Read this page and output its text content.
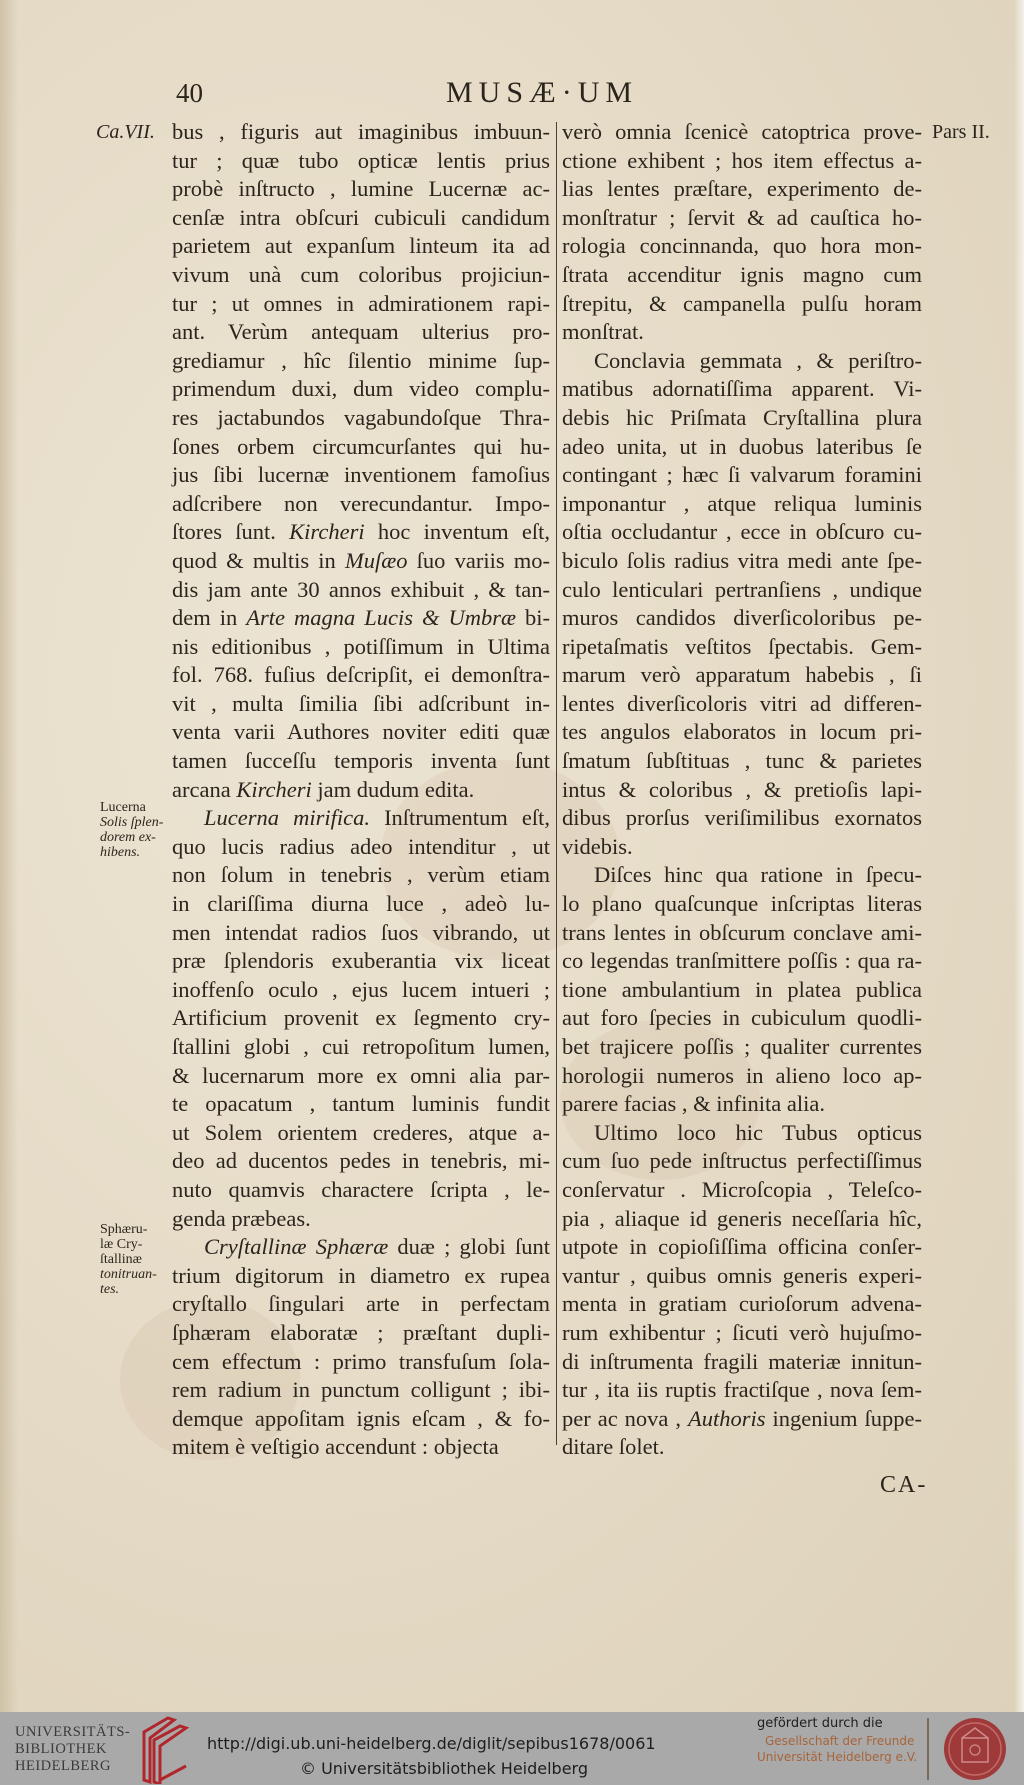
40	MUSÆ·UM
Ca.VII.	Pars II.
Lucerna
Solis ſplen-
dorem ex-
hibens.
Sphæru-
læ Cry-
ſtallinæ
tonitruan-
tes.
bus , figuris aut imaginibus imbuun-
tur ; quæ tubo opticæ lentis prius
probè inſtructo , lumine Lucernæ ac-
cenſæ intra obſcuri cubiculi candidum
parietem aut expanſum linteum ita ad
vivum unà cum coloribus projiciun-
tur ; ut omnes in admirationem rapi-
ant. Verùm antequam ulterius pro-
grediamur , hîc ſilentio minime ſup-
primendum duxi, dum video complu-
res jactabundos vagabundoſque Thra-
ſones orbem circumcurſantes qui hu-
jus ſibi lucernæ inventionem famoſius
adſcribere non verecundantur. Impo-
ſtores ſunt. Kircheri hoc inventum eſt,
quod & multis in Muſæo ſuo variis mo-
dis jam ante 30 annos exhibuit , & tan-
dem in Arte magna Lucis & Umbræ bi-
nis editionibus , potiſſimum in Ultima
fol. 768. fuſius deſcripſit, ei demonſtra-
vit , multa ſimilia ſibi adſcribunt in-
venta varii Authores noviter editi quæ
tamen ſucceſſu temporis inventa ſunt
arcana Kircheri jam dudum edita.
Lucerna mirifica. Inſtrumentum eſt,
quo lucis radius adeo intenditur , ut
non ſolum in tenebris , verùm etiam
in clariſſima diurna luce , adeò lu-
men intendat radios ſuos vibrando, ut
præ ſplendoris exuberantia vix liceat
inoffenſo oculo , ejus lucem intueri ;
Artificium provenit ex ſegmento cry-
ſtallini globi , cui retropoſitum lumen,
& lucernarum more ex omni alia par-
te opacatum , tantum luminis fundit
ut Solem orientem crederes, atque a-
deo ad ducentos pedes in tenebris, mi-
nuto quamvis charactere ſcripta , le-
genda præbeas.
Cryſtallinæ Sphæræ duæ ; globi ſunt
trium digitorum in diametro ex rupea
cryſtallo ſingulari arte in perfectam
ſphæram elaboratæ ; præſtant dupli-
cem effectum : primo transfuſum ſola-
rem radium in punctum colligunt ; ibi-
demque appoſitam ignis eſcam , & fo-
mitem è veſtigio accendunt : objecta
verò omnia ſcenicè catoptrica prove-
ctione exhibent ; hos item effectus a-
lias lentes præſtare, experimento de-
monſtratur ; ſervit & ad cauſtica ho-
rologia concinnanda, quo hora mon-
ſtrata accenditur ignis magno cum
ſtrepitu, & campanella pulſu horam
monſtrat.
Conclavia gemmata , & periſtro-
matibus adornatiſſima apparent. Vi-
debis hic Priſmata Cryſtallina plura
adeo unita, ut in duobus lateribus ſe
contingant ; hæc ſi valvarum foramini
imponantur , atque reliqua luminis
oſtia occludantur , ecce in obſcuro cu-
biculo ſolis radius vitra medi ante ſpe-
culo lenticulari pertranſiens , undique
muros candidos diverſicoloribus pe-
ripetaſmatis veſtitos ſpectabis. Gem-
marum verò apparatum habebis , ſi
lentes diverſicoloris vitri ad differen-
tes angulos elaboratos in locum pri-
ſmatum ſubſtituas , tunc & parietes
intus & coloribus , & pretioſis lapi-
dibus prorſus veriſimilibus exornatos
videbis.
Diſces hinc qua ratione in ſpecu-
lo plano quaſcunque inſcriptas literas
trans lentes in obſcurum conclave ami-
co legendas tranſmittere poſſis : qua ra-
tione ambulantium in platea publica
aut foro ſpecies in cubiculum quodli-
bet trajicere poſſis ; qualiter currentes
horologii numeros in alieno loco ap-
parere facias , & infinita alia.
Ultimo loco hic Tubus opticus
cum ſuo pede inſtructus perfectiſſimus
conſervatur . Microſcopia , Teleſco-
pia , aliaque id generis neceſſaria hîc,
utpote in copioſiſſima officina conſer-
vantur , quibus omnis generis experi-
menta in gratiam curioſorum advena-
rum exhibentur ; ſicuti verò hujuſmo-
di inſtrumenta fragili materiæ innitun-
tur , ita iis ruptis fractiſque , nova ſem-
per ac nova , Authoris ingenium ſuppe-
ditare ſolet.
CA-
UNIVERSITÄTS-
BIBLIOTHEK
HEIDELBERG
http://digi.ub.uni-heidelberg.de/diglit/sepibus1678/0061
© Universitätsbibliothek Heidelberg
gefördert durch die
Gesellschaft der Freunde
Universität Heidelberg e.V.
